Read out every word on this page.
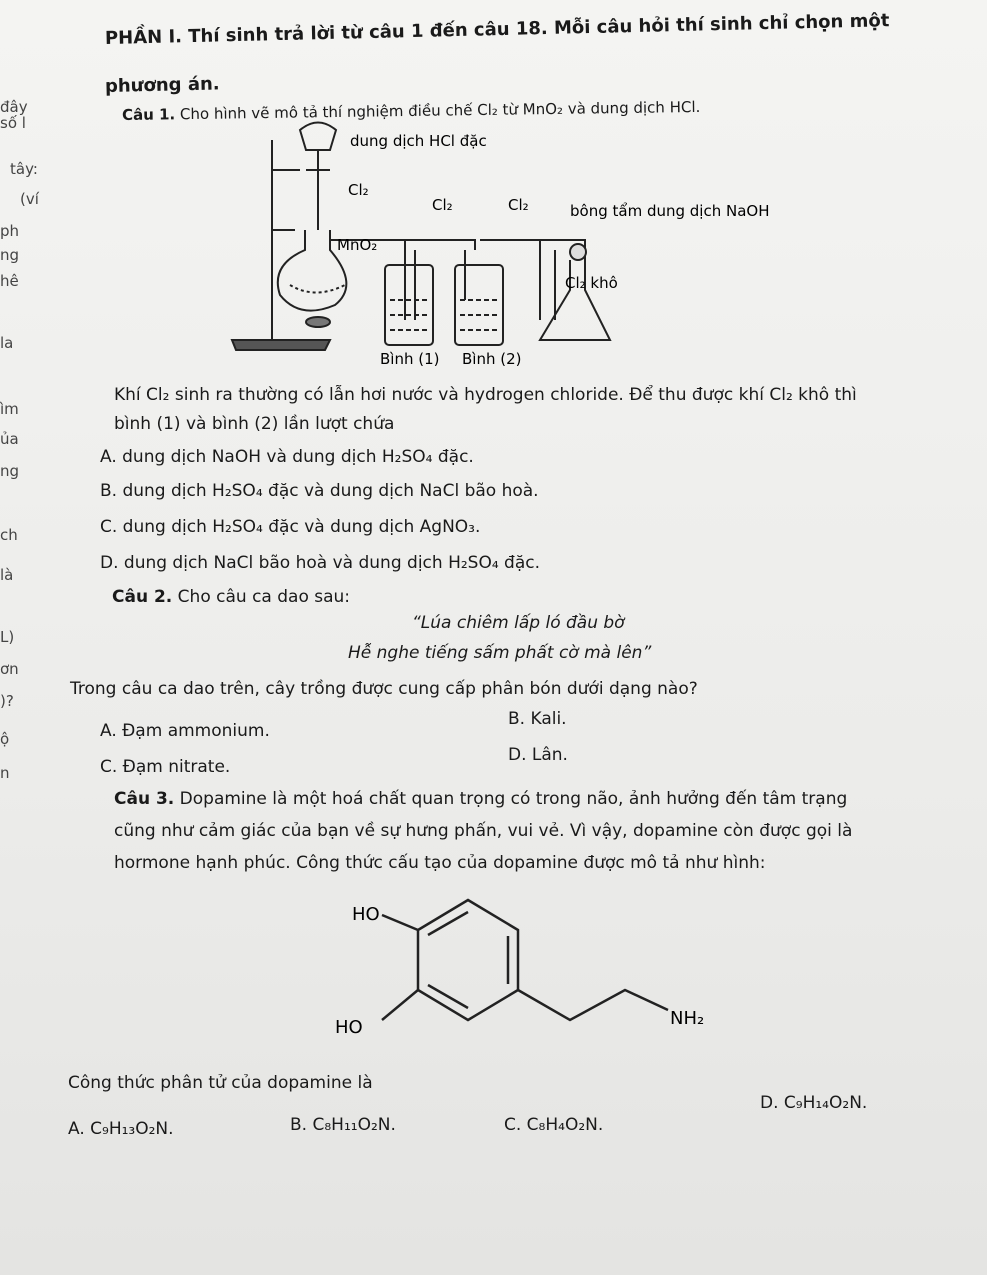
PHẦN I. Thí sinh trả lời từ câu 1 đến câu 18. Mỗi câu hỏi thí sinh chỉ chọn một
phương án.
Câu 1. Cho hình vẽ mô tả thí nghiệm điều chế Cl₂ từ MnO₂ và dung dịch HCl.
dung dịch HCl đặc
Cl₂
Cl₂	Cl₂
MnO₂
bông tẩm dung dịch NaOH
Cl₂ khô
Bình (1) Bình (2)
Khí Cl₂ sinh ra thường có lẫn hơi nước và hydrogen chloride. Để thu được khí Cl₂ khô thì
bình (1) và bình (2) lần lượt chứa
A. dung dịch NaOH và dung dịch H₂SO₄ đặc.
B. dung dịch H₂SO₄ đặc và dung dịch NaCl bão hoà.
C. dung dịch H₂SO₄ đặc và dung dịch AgNO₃.
D. dung dịch NaCl bão hoà và dung dịch H₂SO₄ đặc.
Câu 2. Cho câu ca dao sau:
“Lúa chiêm lấp ló đầu bờ
Hễ nghe tiếng sấm phất cờ mà lên”
Trong câu ca dao trên, cây trồng được cung cấp phân bón dưới dạng nào?
A. Đạm ammonium.
B. Kali.
C. Đạm nitrate.
D. Lân.
Câu 3. Dopamine là một hoá chất quan trọng có trong não, ảnh hưởng đến tâm trạng
cũng như cảm giác của bạn về sự hưng phấn, vui vẻ. Vì vậy, dopamine còn được gọi là
hormone hạnh phúc. Công thức cấu tạo của dopamine được mô tả như hình:
HO
HO	NH₂
Công thức phân tử của dopamine là
A. C₉H₁₃O₂N.	B. C₈H₁₁O₂N.	C. C₈H₄O₂N.
D. C₉H₁₄O₂N.
đây
số l
tây:
(ví
ph
ng
hê
la
ìm
ủa
ng
ch
là
L)
ơn
)?
ộ
n
